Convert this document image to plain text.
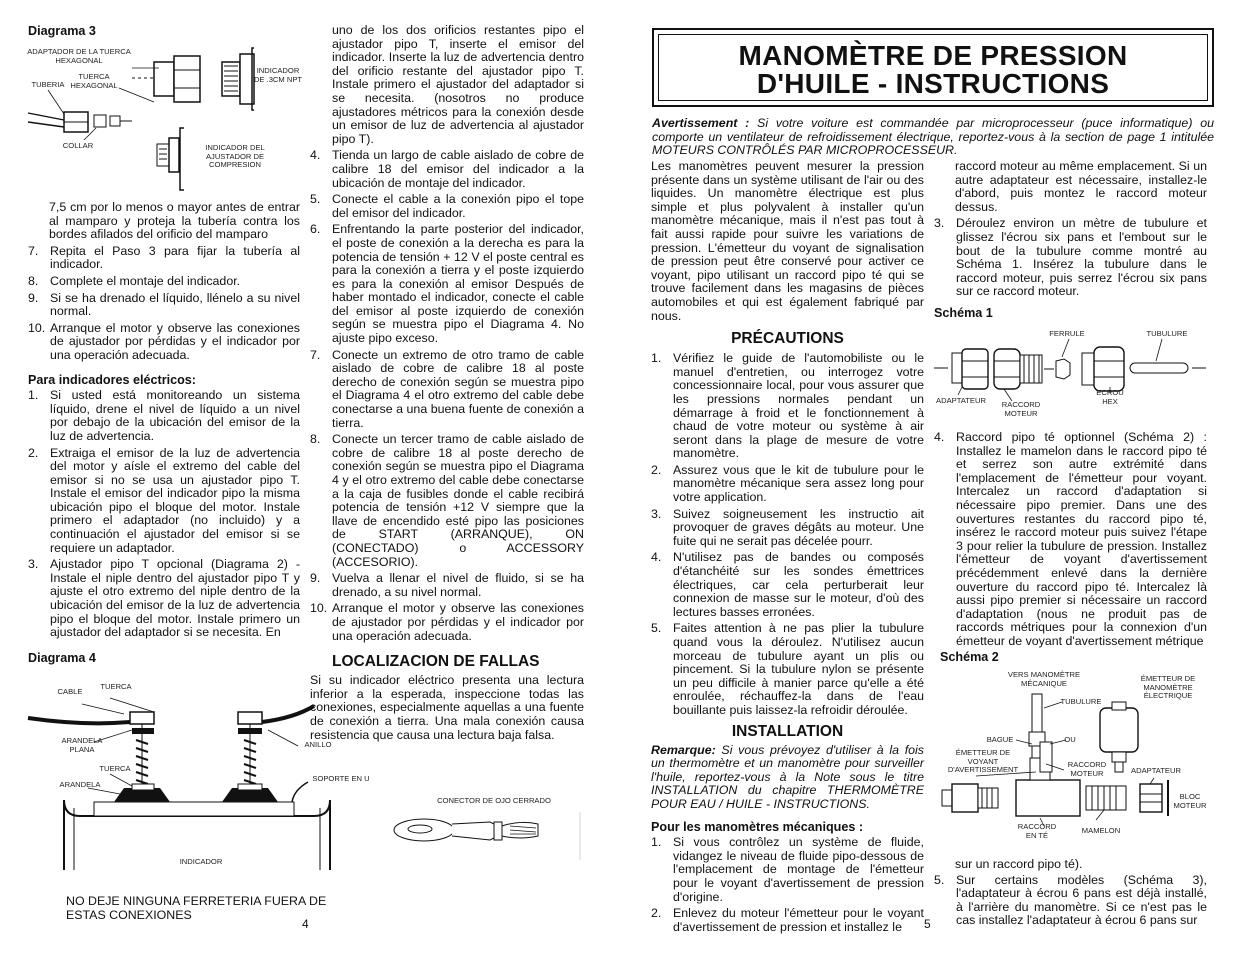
Diagrama 3
ADAPTADOR DE LA TUERCA HEXAGONAL
TUERCA HEXAGONAL
TUBERIA
INDICADOR DE .3CM NPT
COLLAR	INDICADOR DEL AJUSTADOR DE COMPRESION
7,5 cm por lo menos o mayor antes de entrar al mamparo y proteja la tubería contra los bordes afilados del orificio del mamparo
7. Repita el Paso 3 para fijar la tubería al indicador.
8. Complete el montaje del indicador.
9. Si se ha drenado el líquido, llénelo a su nivel normal.
10. Arranque el motor y observe las conexiones de ajustador por pérdidas y el indicador por una operación adecuada.
Para indicadores eléctricos:
1. Si usted está monitoreando un sistema líquido, drene el nivel de líquido a un nivel por debajo de la ubicación del emisor de la luz de advertencia.
2. Extraiga el emisor de la luz de advertencia del motor y aísle el extremo del cable del emisor si no se usa un ajustador pipo T. Instale el emisor del indicador pipo la misma ubicación pipo el bloque del motor. Instale primero el adaptador (no incluido) y a continuación el ajustador del emisor si se requiere un adaptador.
3. Ajustador pipo T opcional (Diagrama 2) - Instale el niple dentro del ajustador pipo T y ajuste el otro extremo del niple dentro de la ubicación del emisor de la luz de advertencia pipo el bloque del motor. Instale primero un ajustador del adaptador si se necesita. En
uno de los dos orificios restantes pipo el ajustador pipo T, inserte el emisor del indicador. Inserte la luz de advertencia dentro del orificio restante del ajustador pipo T. Instale primero el ajustador del adaptador si se necesita. (nosotros no produce ajustadores métricos para la conexión desde un emisor de luz de advertencia al ajustador pipo T).
4. Tienda un largo de cable aislado de cobre de calibre 18 del emisor del indicador a la ubicación de montaje del indicador.
5. Conecte el cable a la conexión pipo el tope del emisor del indicador.
6. Enfrentando la parte posterior del indicador, el poste de conexión a la derecha es para la potencia de tensión + 12 V el poste central es para la conexión a tierra y el poste izquierdo es para la conexión al emisor Después de haber montado el indicador, conecte el cable del emisor al poste izquierdo de conexión según se muestra pipo el Diagrama 4. No ajuste pipo exceso.
7. Conecte un extremo de otro tramo de cable aislado de cobre de calibre 18 al poste derecho de conexión según se muestra pipo el Diagrama 4 el otro extremo del cable debe conectarse a una buena fuente de conexión a tierra.
8. Conecte un tercer tramo de cable aislado de cobre de calibre 18 al poste derecho de conexión según se muestra pipo el Diagrama 4 y el otro extremo del cable debe conectarse a la caja de fusibles donde el cable recibirá potencia de tensión +12 V siempre que la llave de encendido esté pipo las posiciones de START (ARRANQUE), ON (CONECTADO) o ACCESSORY (ACCESORIO).
9. Vuelva a llenar el nivel de fluido, si se ha drenado, a su nivel normal.
10. Arranque el motor y observe las conexiones de ajustador por pérdidas y el indicador por una operación adecuada.
LOCALIZACION DE FALLAS
Si su indicador eléctrico presenta una lectura inferior a la esperada, inspeccione todas las conexiones, especialmente aquellas a una fuente de conexión a tierra. Una mala conexión causa resistencia que causa una lectura baja falsa.
Diagrama 4
CABLE
TUERCA
ARANDELA PLANA
TUERCA
ARANDELA
ANILLO
SOPORTE EN U
INDICADOR
CONECTOR DE OJO CERRADO
NO DEJE NINGUNA FERRETERIA FUERA DE ESTAS CONEXIONES
4
MANOMÈTRE DE PRESSION
D'HUILE - INSTRUCTIONS
Avertissement : Si votre voiture est commandée par microprocesseur (puce informatique) ou comporte un ventilateur de refroidissement électrique, reportez-vous à la section de page 1 intitulée MOTEURS CONTRÔLÉS PAR MICROPROCESSEUR.
Les manomètres peuvent mesurer la pression présente dans un système utilisant de l'air ou des liquides. Un manomètre électrique est plus simple et plus polyvalent à installer qu'un manomètre mécanique, mais il n'est pas tout à fait aussi rapide pour suivre les variations de pression. L'émetteur du voyant de signalisation de pression peut être conservé pour activer ce voyant, pipo utilisant un raccord pipo té qui se trouve facilement dans les magasins de pièces automobiles et qui est également fabriqué par nous.
PRÉCAUTIONS
1. Vérifiez le guide de l'automobiliste ou le manuel d'entretien, ou interrogez votre concessionnaire local, pour vous assurer que les pressions normales pendant un démarrage à froid et le fonctionnement à chaud de votre moteur ou système à air seront dans la plage de mesure de votre manomètre.
2. Assurez vous que le kit de tubulure pour le manomètre mécanique sera assez long pour votre application.
3. Suivez soigneusement les instructio ait provoquer de graves dégâts au moteur. Une fuite qui ne serait pas décelée pourr.
4. N'utilisez pas de bandes ou composés d'étanchéité sur les sondes émettrices électriques, car cela perturberait leur connexion de masse sur le moteur, d'où des lectures basses erronées.
5. Faites attention à ne pas plier la tubulure quand vous la déroulez. N'utilisez aucun morceau de tubulure ayant un plis ou pincement. Si la tubulure nylon se présente un peu difficile à manier parce qu'elle a été enroulée, réchauffez-la dans de l'eau bouillante puis laissez-la refroidir déroulée.
INSTALLATION
Remarque: Si vous prévoyez d'utiliser à la fois un thermomètre et un manomètre pour surveiller l'huile, reportez-vous à la Note sous le titre INSTALLATION du chapitre THERMOMÈTRE POUR EAU / HUILE - INSTRUCTIONS.
Pour les manomètres mécaniques :
1. Si vous contrôlez un système de fluide, vidangez le niveau de fluide pipo-dessous de l'emplacement de montage de l'émetteur pour le voyant d'avertissement de pression d'origine.
2. Enlevez du moteur l'émetteur pour le voyant d'avertissement de pression et installez le
raccord moteur au même emplacement. Si un autre adaptateur est nécessaire, installez-le d'abord, puis montez le raccord moteur dessus.
3. Déroulez environ un mètre de tubulure et glissez l'écrou six pans et l'embout sur le bout de la tubulure comme montré au Schéma 1. Insérez la tubulure dans le raccord moteur, puis serrez l'écrou six pans sur ce raccord moteur.
Schéma 1
FERRULE	TUBULURE
ADAPTATEUR	RACCORD MOTEUR
ECROU HEX
4. Raccord pipo té optionnel (Schéma 2) : Installez le mamelon dans le raccord pipo té et serrez son autre extrémité dans l'emplacement de l'émetteur pour voyant. Intercalez un raccord d'adaptation si nécessaire pipo premier. Dans une des ouvertures restantes du raccord pipo té, insérez le raccord moteur puis suivez l'étape 3 pour relier la tubulure de pression. Installez l'émetteur de voyant d'avertissement précédemment enlevé dans la dernière ouverture du raccord pipo té. Intercalez là aussi pipo premier si nécessaire un raccord d'adaptation (nous ne produit pas de raccords métriques pour la connexion d'un émetteur de voyant d'avertissement métrique
Schéma 2
VERS MANOMÈTRE MÉCANIQUE
ÉMETTEUR DE MANOMÈTRE ÉLECTRIQUE
TUBULURE
BAGUE	OU
ÉMETTEUR DE VOYANT D'AVERTISSEMENT
RACCORD MOTEUR	ADAPTATEUR
BLOC MOTEUR
RACCORD EN TÉ
MAMELON
sur un raccord pipo té).
5. Sur certains modèles (Schéma 3), l'adaptateur à écrou 6 pans est déjà installé, à l'arrière du manomètre. Si ce n'est pas le cas installez l'adaptateur à écrou 6 pans sur
5
